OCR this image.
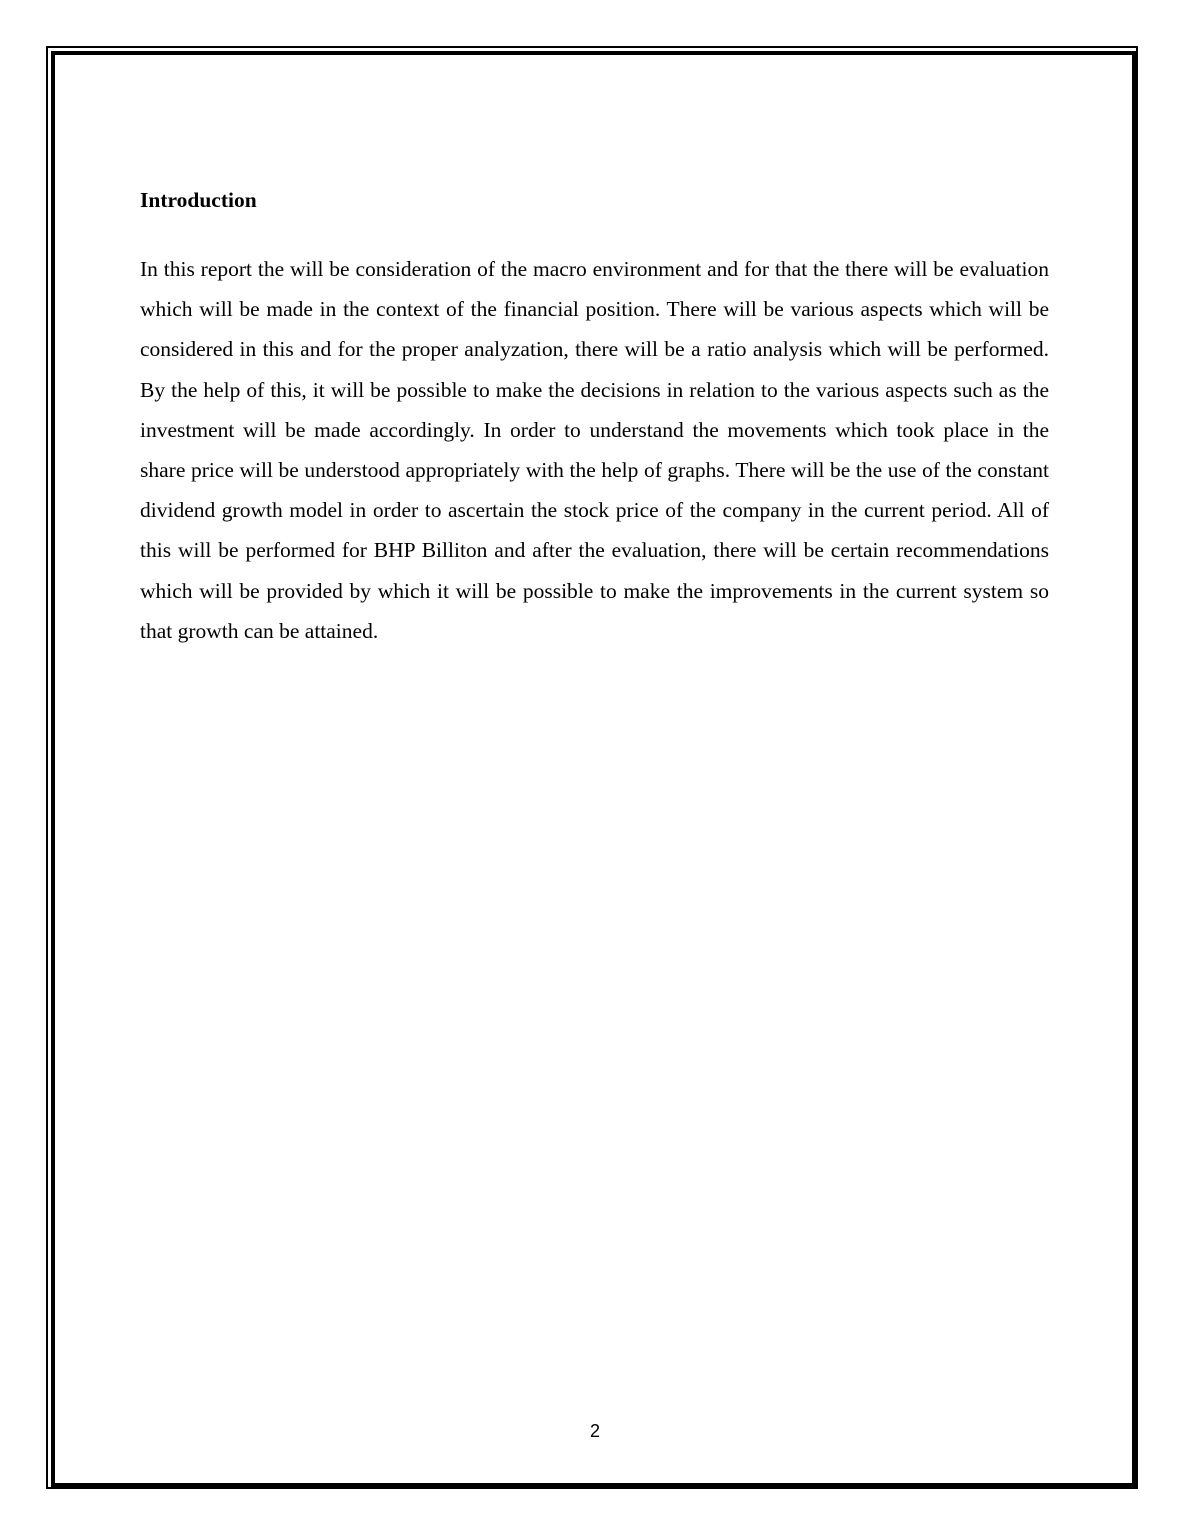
Introduction

In this report the will be consideration of the macro environment and for that the there will be evaluation which will be made in the context of the financial position. There will be various aspects which will be considered in this and for the proper analyzation, there will be a ratio analysis which will be performed. By the help of this, it will be possible to make the decisions in relation to the various aspects such as the investment will be made accordingly. In order to understand the movements which took place in the share price will be understood appropriately with the help of graphs. There will be the use of the constant dividend growth model in order to ascertain the stock price of the company in the current period. All of this will be performed for BHP Billiton and after the evaluation, there will be certain recommendations which will be provided by which it will be possible to make the improvements in the current system so that growth can be attained.

2
